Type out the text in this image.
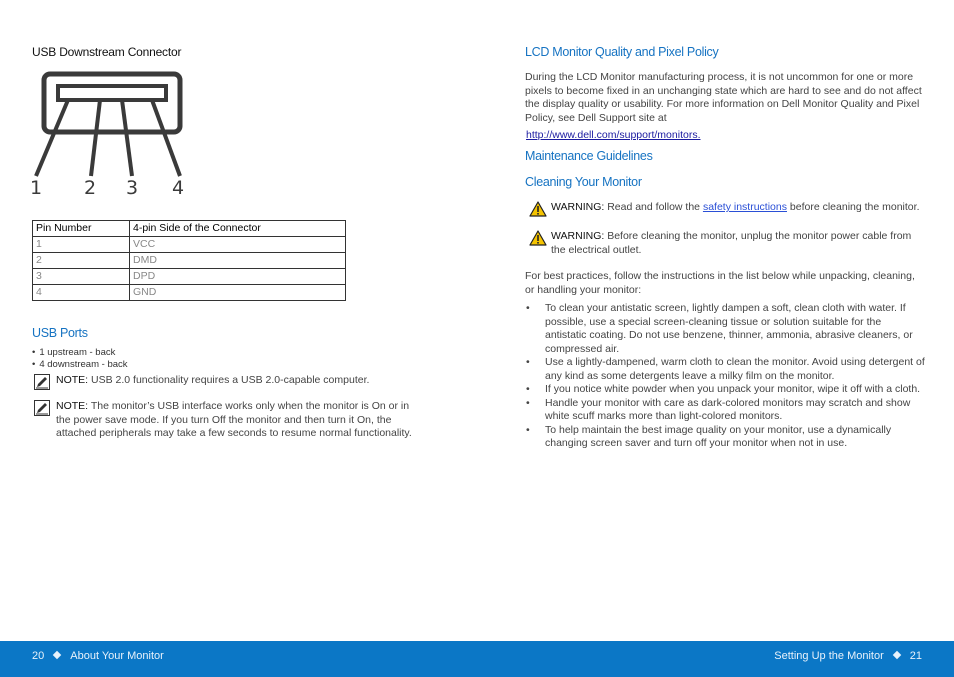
USB Downstream Connector
1 2 3 4
Pin Number	4-pin Side of the Connector
1	VCC
2	DMD
3	DPD
4	GND
USB Ports
• 1 upstream - back
• 4 downstream - back
NOTE: USB 2.0 functionality requires a USB 2.0-capable computer.
NOTE: The monitor’s USB interface works only when the monitor is On or in the power save mode. If you turn Off the monitor and then turn it On, the attached peripherals may take a few seconds to resume normal functionality.
LCD Monitor Quality and Pixel Policy
During the LCD Monitor manufacturing process, it is not uncommon for one or more pixels to become fixed in an unchanging state which are hard to see and do not affect the display quality or usability. For more information on Dell Monitor Quality and Pixel Policy, see Dell Support site at
http://www.dell.com/support/monitors.
Maintenance Guidelines
Cleaning Your Monitor
WARNING: Read and follow the safety instructions before cleaning the monitor.
WARNING: Before cleaning the monitor, unplug the monitor power cable from the electrical outlet.
For best practices, follow the instructions in the list below while unpacking, cleaning, or handling your monitor:
• To clean your antistatic screen, lightly dampen a soft, clean cloth with water. If possible, use a special screen-cleaning tissue or solution suitable for the antistatic coating. Do not use benzene, thinner, ammonia, abrasive cleaners, or compressed air.
• Use a lightly-dampened, warm cloth to clean the monitor. Avoid using detergent of any kind as some detergents leave a milky film on the monitor.
• If you notice white powder when you unpack your monitor, wipe it off with a cloth.
• Handle your monitor with care as dark-colored monitors may scratch and show white scuff marks more than light-colored monitors.
• To help maintain the best image quality on your monitor, use a dynamically changing screen saver and turn off your monitor when not in use.
20 About Your Monitor	Setting Up the Monitor 21
